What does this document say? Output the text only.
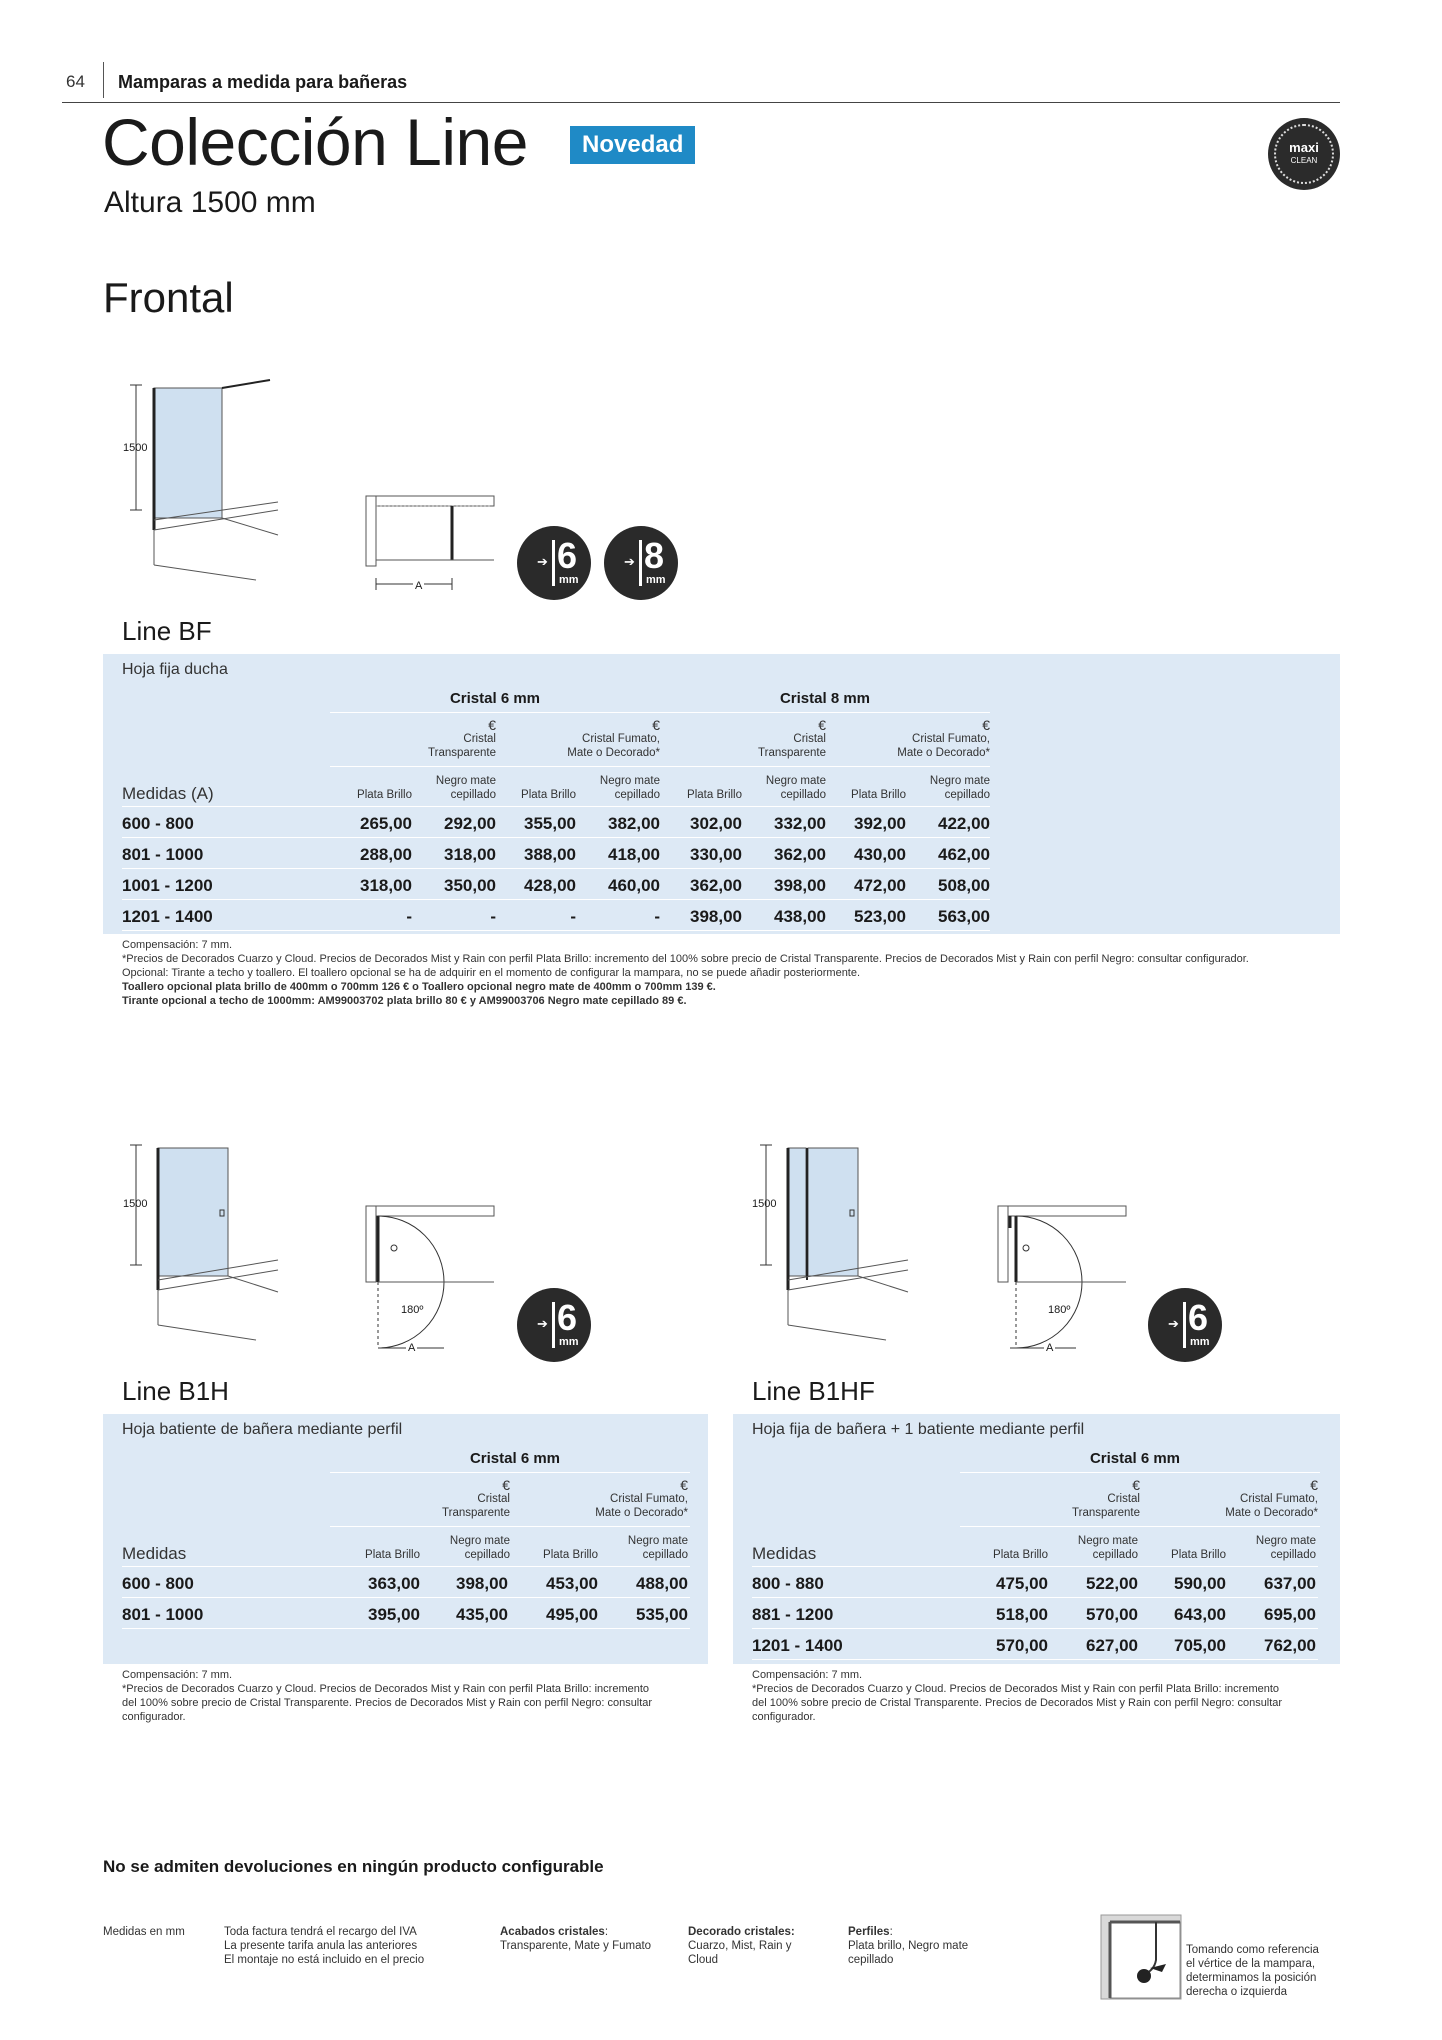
64 Mamparas a medida para bañeras
Colección Line	Novedad
Altura 1500 mm
Frontal
maxi
CLEAN
1500
A
➔ 6
mm
➔ 8
mm
Line BF
Hoja fija ducha
Cristal 6 mm	Cristal 8 mm
€
Cristal
Transparente
€
Cristal Fumato,
Mate o Decorado*
€
Cristal
Transparente
€
Cristal Fumato,
Mate o Decorado*
Medidas (A)	Plata Brillo
Negro mate
cepillado	Plata Brillo
Negro mate
cepillado	Plata Brillo
Negro mate
cepillado	Plata Brillo
Negro mate
cepillado
600 - 800	265,00	292,00	355,00	382,00	302,00	332,00	392,00	422,00
801 - 1000	288,00	318,00	388,00	418,00	330,00	362,00	430,00	462,00
1001 - 1200	318,00	350,00	428,00	460,00	362,00	398,00	472,00	508,00
1201 - 1400	-	-	-	-	398,00	438,00	523,00	563,00
Compensación: 7 mm.
*Precios de Decorados Cuarzo y Cloud. Precios de Decorados Mist y Rain con perfil Plata Brillo: incremento del 100% sobre precio de Cristal Transparente. Precios de Decorados Mist y Rain con perfil Negro: consultar configurador.
Opcional: Tirante a techo y toallero. El toallero opcional se ha de adquirir en el momento de configurar la mampara, no se puede añadir posteriormente.
Toallero opcional plata brillo de 400mm o 700mm 126 € o Toallero opcional negro mate de 400mm o 700mm 139 €.
Tirante opcional a techo de 1000mm: AM99003702 plata brillo 80 € y AM99003706 Negro mate cepillado 89 €.
1500
180º
A
➔ 6
mm
1500
180º
A
➔ 6
mm
Line B1H
Hoja batiente de bañera mediante perfil
Cristal 6 mm
€
Cristal
Transparente
€
Cristal Fumato,
Mate o Decorado*
Medidas	Plata Brillo
Negro mate
cepillado	Plata Brillo
Negro mate
cepillado
600 - 800	363,00	398,00	453,00	488,00
801 - 1000	395,00	435,00	495,00	535,00
Compensación: 7 mm.
*Precios de Decorados Cuarzo y Cloud. Precios de Decorados Mist y Rain con perfil Plata Brillo: incremento
del 100% sobre precio de Cristal Transparente. Precios de Decorados Mist y Rain con perfil Negro: consultar
configurador.
Line B1HF
Hoja fija de bañera + 1 batiente mediante perfil
Cristal 6 mm
€
Cristal
Transparente
€
Cristal Fumato,
Mate o Decorado*
Medidas	Plata Brillo
Negro mate
cepillado	Plata Brillo
Negro mate
cepillado
800 - 880	475,00	522,00	590,00	637,00
881 - 1200	518,00	570,00	643,00	695,00
1201 - 1400	570,00	627,00	705,00	762,00
Compensación: 7 mm.
*Precios de Decorados Cuarzo y Cloud. Precios de Decorados Mist y Rain con perfil Plata Brillo: incremento
del 100% sobre precio de Cristal Transparente. Precios de Decorados Mist y Rain con perfil Negro: consultar
configurador.
No se admiten devoluciones en ningún producto configurable
Medidas en mm	Toda factura tendrá el recargo del IVA
La presente tarifa anula las anteriores
El montaje no está incluido en el precio
Acabados cristales:
Transparente, Mate y Fumato
Decorado cristales:
Cuarzo, Mist, Rain y
Cloud
Perfiles:
Plata brillo, Negro mate
cepillado
Tomando como referencia
el vértice de la mampara,
determinamos la posición
derecha o izquierda
